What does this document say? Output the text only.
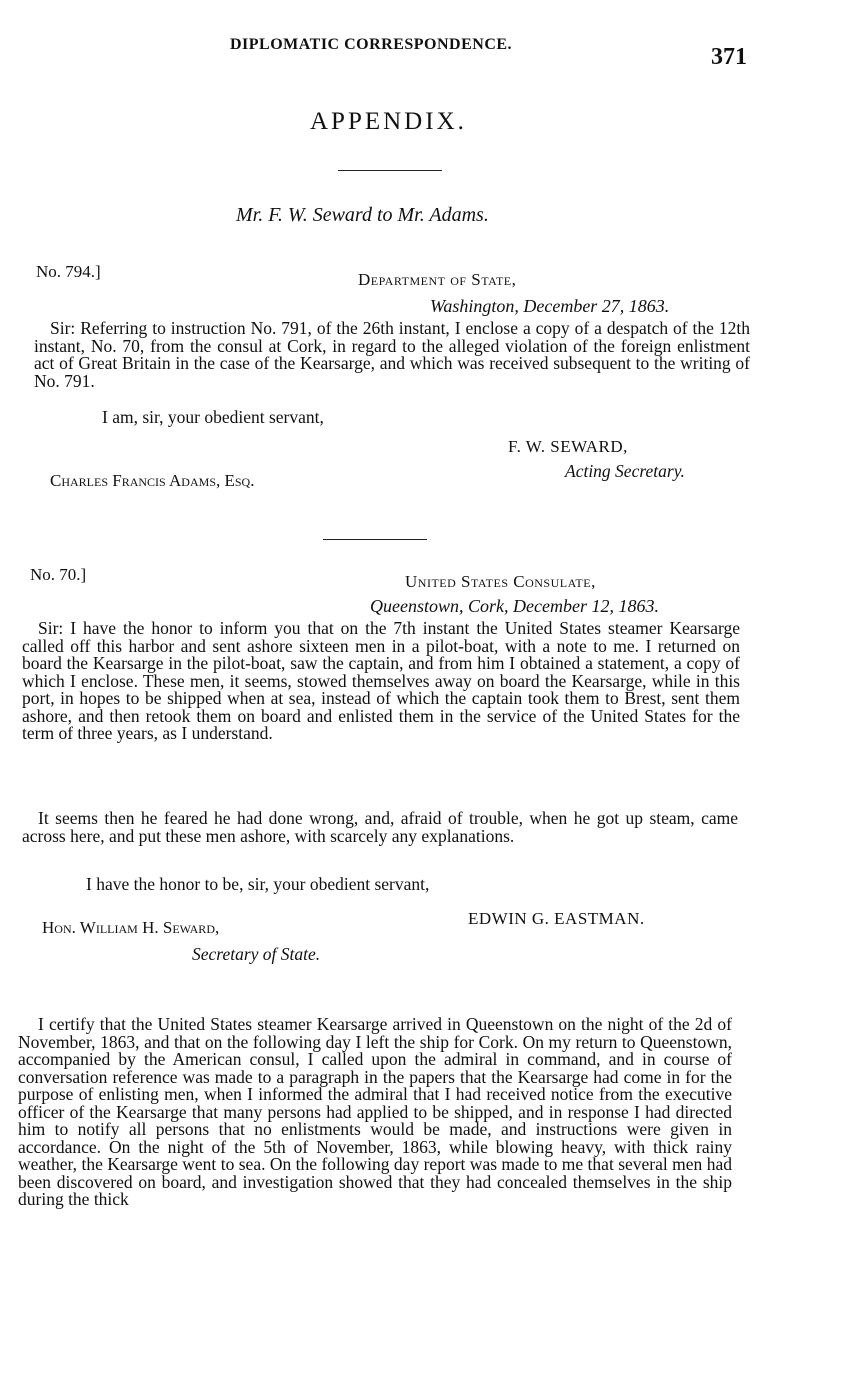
DIPLOMATIC CORRESPONDENCE.	371
APPENDIX.
Mr. F. W. Seward to Mr. Adams.
No. 794.]	Department of State,
Washington, December 27, 1863.
Sir: Referring to instruction No. 791, of the 26th instant, I enclose a copy of a despatch of the 12th instant, No. 70, from the consul at Cork, in regard to the alleged violation of the foreign enlistment act of Great Britain in the case of the Kearsarge, and which was received subsequent to the writing of No. 791.
I am, sir, your obedient servant,
F. W. SEWARD,
Acting Secretary.
Charles Francis Adams, Esq.
No. 70.]	United States Consulate,
Queenstown, Cork, December 12, 1863.
Sir: I have the honor to inform you that on the 7th instant the United States steamer Kearsarge called off this harbor and sent ashore sixteen men in a pilot-boat, with a note to me. I returned on board the Kearsarge in the pilot-boat, saw the captain, and from him I obtained a statement, a copy of which I enclose. These men, it seems, stowed themselves away on board the Kearsarge, while in this port, in hopes to be shipped when at sea, instead of which the captain took them to Brest, sent them ashore, and then retook them on board and enlisted them in the service of the United States for the term of three years, as I understand.
It seems then he feared he had done wrong, and, afraid of trouble, when he got up steam, came across here, and put these men ashore, with scarcely any explanations.
I have the honor to be, sir, your obedient servant,
EDWIN G. EASTMAN.
Hon. William H. Seward,
Secretary of State.
I certify that the United States steamer Kearsarge arrived in Queenstown on the night of the 2d of November, 1863, and that on the following day I left the ship for Cork. On my return to Queenstown, accompanied by the American consul, I called upon the admiral in command, and in course of conversation reference was made to a paragraph in the papers that the Kearsarge had come in for the purpose of enlisting men, when I informed the admiral that I had received notice from the executive officer of the Kearsarge that many persons had applied to be shipped, and in response I had directed him to notify all persons that no enlistments would be made, and instructions were given in accordance. On the night of the 5th of November, 1863, while blowing heavy, with thick rainy weather, the Kearsarge went to sea. On the following day report was made to me that several men had been discovered on board, and investigation showed that they had concealed themselves in the ship during the thick
